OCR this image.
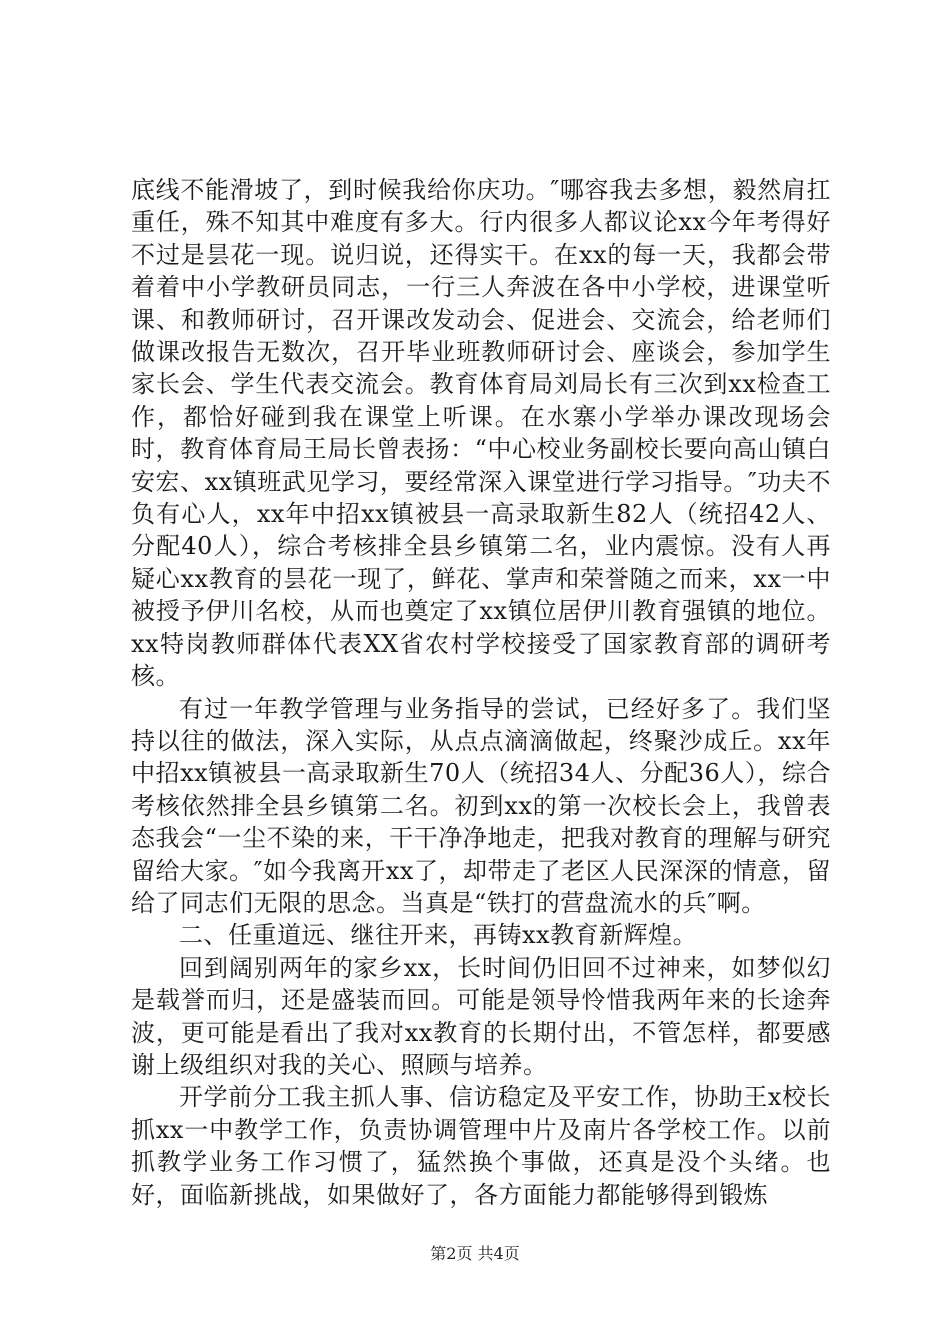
底线不能滑坡了，到时候我给你庆功。″哪容我去多想，毅然肩扛重任，殊不知其中难度有多大。行内很多人都议论xx今年考得好不过是昙花一现。说归说，还得实干。在xx的每一天，我都会带着着中小学教研员同志，一行三人奔波在各中小学校，进课堂听课、和教师研讨，召开课改发动会、促进会、交流会，给老师们做课改报告无数次，召开毕业班教师研讨会、座谈会，参加学生家长会、学生代表交流会。教育体育局刘局长有三次到xx检查工作，都恰好碰到我在课堂上听课。在水寨小学举办课改现场会时，教育体育局王局长曾表扬：“中心校业务副校长要向高山镇白安宏、xx镇班武见学习，要经常深入课堂进行学习指导。″功夫不负有心人，xx年中招xx镇被县一高录取新生82人（统招42人、分配40人），综合考核排全县乡镇第二名，业内震惊。没有人再疑心xx教育的昙花一现了，鲜花、掌声和荣誉随之而来，xx一中被授予伊川名校，从而也奠定了xx镇位居伊川教育强镇的地位。xx特岗教师群体代表XX省农村学校接受了国家教育部的调研考核。

有过一年教学管理与业务指导的尝试，已经好多了。我们坚持以往的做法，深入实际，从点点滴滴做起，终聚沙成丘。xx年中招xx镇被县一高录取新生70人（统招34人、分配36人），综合考核依然排全县乡镇第二名。初到xx的第一次校长会上，我曾表态我会“一尘不染的来，干干净净地走，把我对教育的理解与研究留给大家。″如今我离开xx了，却带走了老区人民深深的情意，留给了同志们无限的思念。当真是“铁打的营盘流水的兵″啊。

二、任重道远、继往开来，再铸xx教育新辉煌。

回到阔别两年的家乡xx，长时间仍旧回不过神来，如梦似幻是载誉而归，还是盛装而回。可能是领导怜惜我两年来的长途奔波，更可能是看出了我对xx教育的长期付出，不管怎样，都要感谢上级组织对我的关心、照顾与培养。

开学前分工我主抓人事、信访稳定及平安工作，协助王x校长抓xx一中教学工作，负责协调管理中片及南片各学校工作。以前抓教学业务工作习惯了，猛然换个事做，还真是没个头绪。也好，面临新挑战，如果做好了，各方面能力都能够得到锻炼

第2页 共4页
